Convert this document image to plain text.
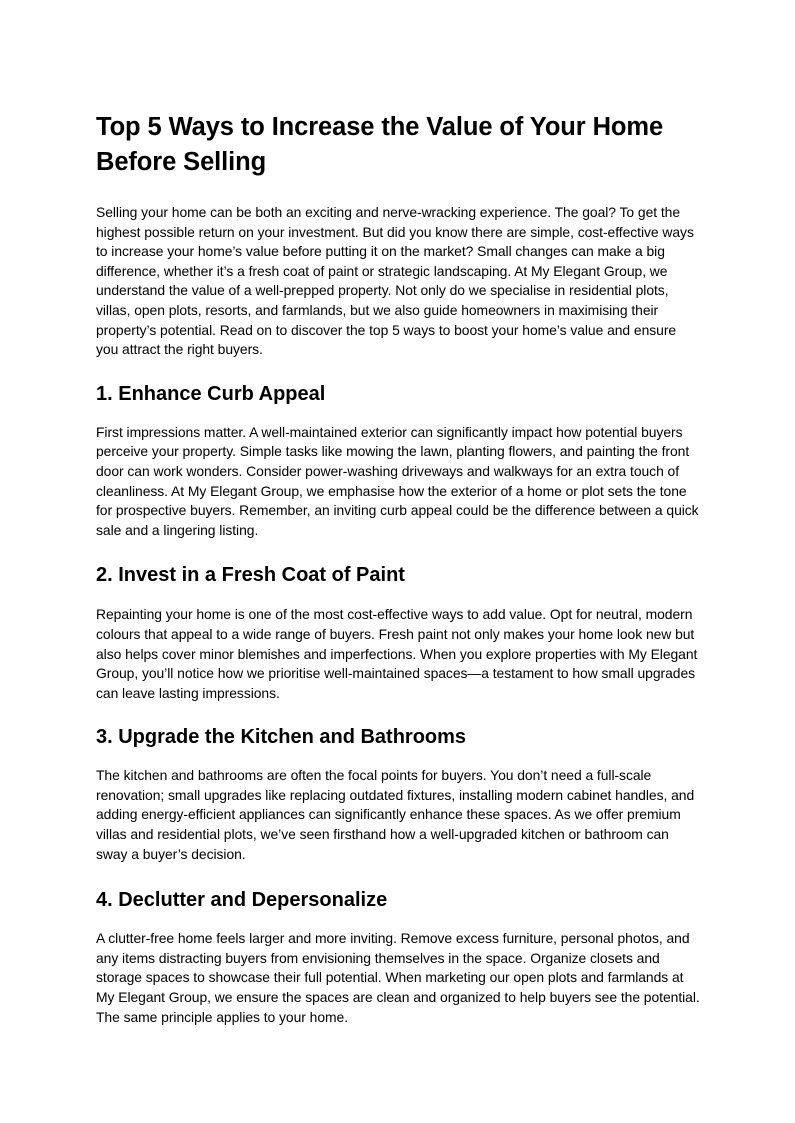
Top 5 Ways to Increase the Value of Your Home Before Selling

Selling your home can be both an exciting and nerve-wracking experience. The goal? To get the highest possible return on your investment. But did you know there are simple, cost-effective ways to increase your home’s value before putting it on the market? Small changes can make a big difference, whether it’s a fresh coat of paint or strategic landscaping. At My Elegant Group, we understand the value of a well-prepped property. Not only do we specialise in residential plots, villas, open plots, resorts, and farmlands, but we also guide homeowners in maximising their property’s potential. Read on to discover the top 5 ways to boost your home’s value and ensure you attract the right buyers.

1. Enhance Curb Appeal

First impressions matter. A well-maintained exterior can significantly impact how potential buyers perceive your property. Simple tasks like mowing the lawn, planting flowers, and painting the front door can work wonders. Consider power-washing driveways and walkways for an extra touch of cleanliness. At My Elegant Group, we emphasise how the exterior of a home or plot sets the tone for prospective buyers. Remember, an inviting curb appeal could be the difference between a quick sale and a lingering listing.

2. Invest in a Fresh Coat of Paint

Repainting your home is one of the most cost-effective ways to add value. Opt for neutral, modern colours that appeal to a wide range of buyers. Fresh paint not only makes your home look new but also helps cover minor blemishes and imperfections. When you explore properties with My Elegant Group, you’ll notice how we prioritise well-maintained spaces—a testament to how small upgrades can leave lasting impressions.

3. Upgrade the Kitchen and Bathrooms

The kitchen and bathrooms are often the focal points for buyers. You don’t need a full-scale renovation; small upgrades like replacing outdated fixtures, installing modern cabinet handles, and adding energy-efficient appliances can significantly enhance these spaces. As we offer premium villas and residential plots, we’ve seen firsthand how a well-upgraded kitchen or bathroom can sway a buyer’s decision.

4. Declutter and Depersonalize

A clutter-free home feels larger and more inviting. Remove excess furniture, personal photos, and any items distracting buyers from envisioning themselves in the space. Organize closets and storage spaces to showcase their full potential. When marketing our open plots and farmlands at My Elegant Group, we ensure the spaces are clean and organized to help buyers see the potential. The same principle applies to your home.
